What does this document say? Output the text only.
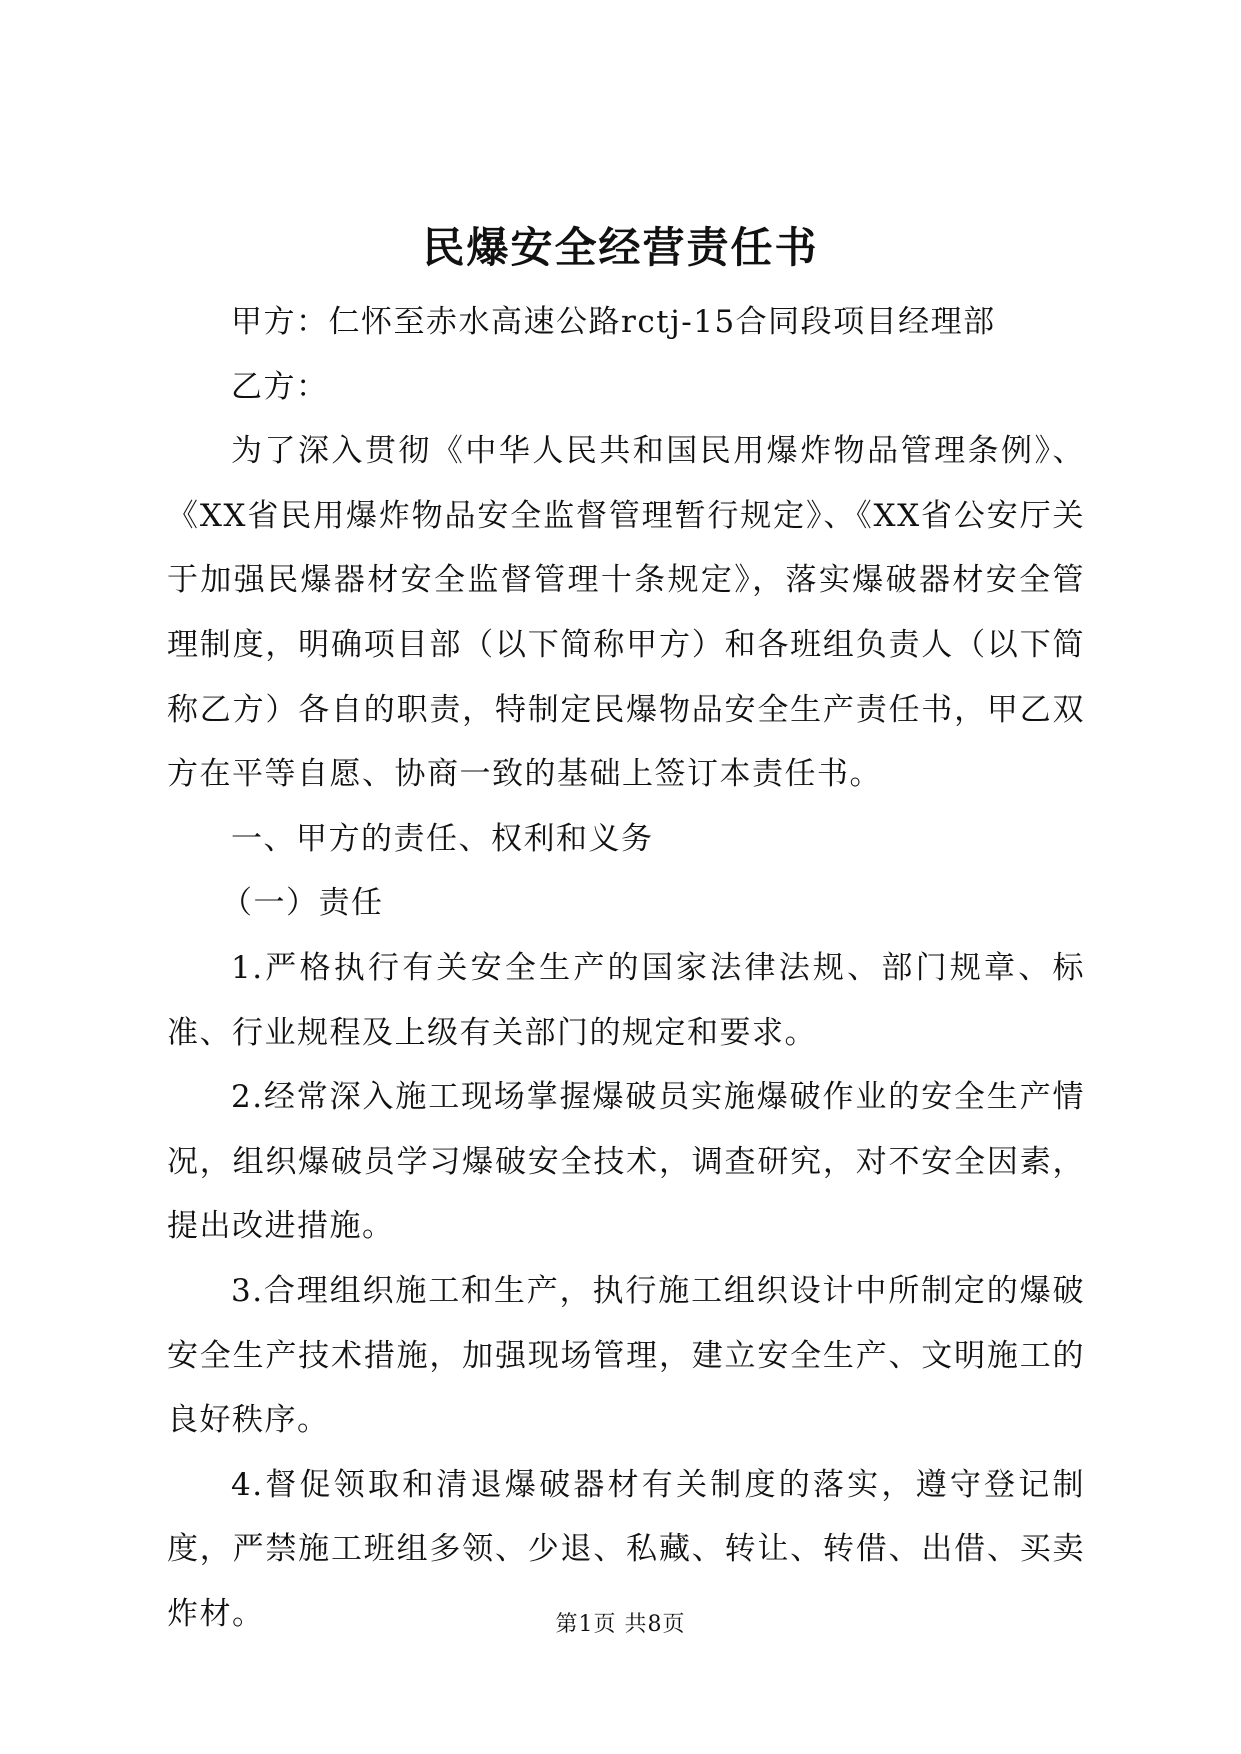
民爆安全经营责任书

甲方：仁怀至赤水高速公路rctj-15合同段项目经理部

乙方：

为了深入贯彻《中华人民共和国民用爆炸物品管理条例》、《XX省民用爆炸物品安全监督管理暂行规定》、《XX省公安厅关于加强民爆器材安全监督管理十条规定》，落实爆破器材安全管理制度，明确项目部（以下简称甲方）和各班组负责人（以下简称乙方）各自的职责，特制定民爆物品安全生产责任书，甲乙双方在平等自愿、协商一致的基础上签订本责任书。

一、甲方的责任、权利和义务

（一）责任

1.严格执行有关安全生产的国家法律法规、部门规章、标准、行业规程及上级有关部门的规定和要求。

2.经常深入施工现场掌握爆破员实施爆破作业的安全生产情况，组织爆破员学习爆破安全技术，调查研究，对不安全因素，提出改进措施。

3.合理组织施工和生产，执行施工组织设计中所制定的爆破安全生产技术措施，加强现场管理，建立安全生产、文明施工的良好秩序。

4.督促领取和清退爆破器材有关制度的落实，遵守登记制度，严禁施工班组多领、少退、私藏、转让、转借、出借、买卖炸材。	第1页 共8页
